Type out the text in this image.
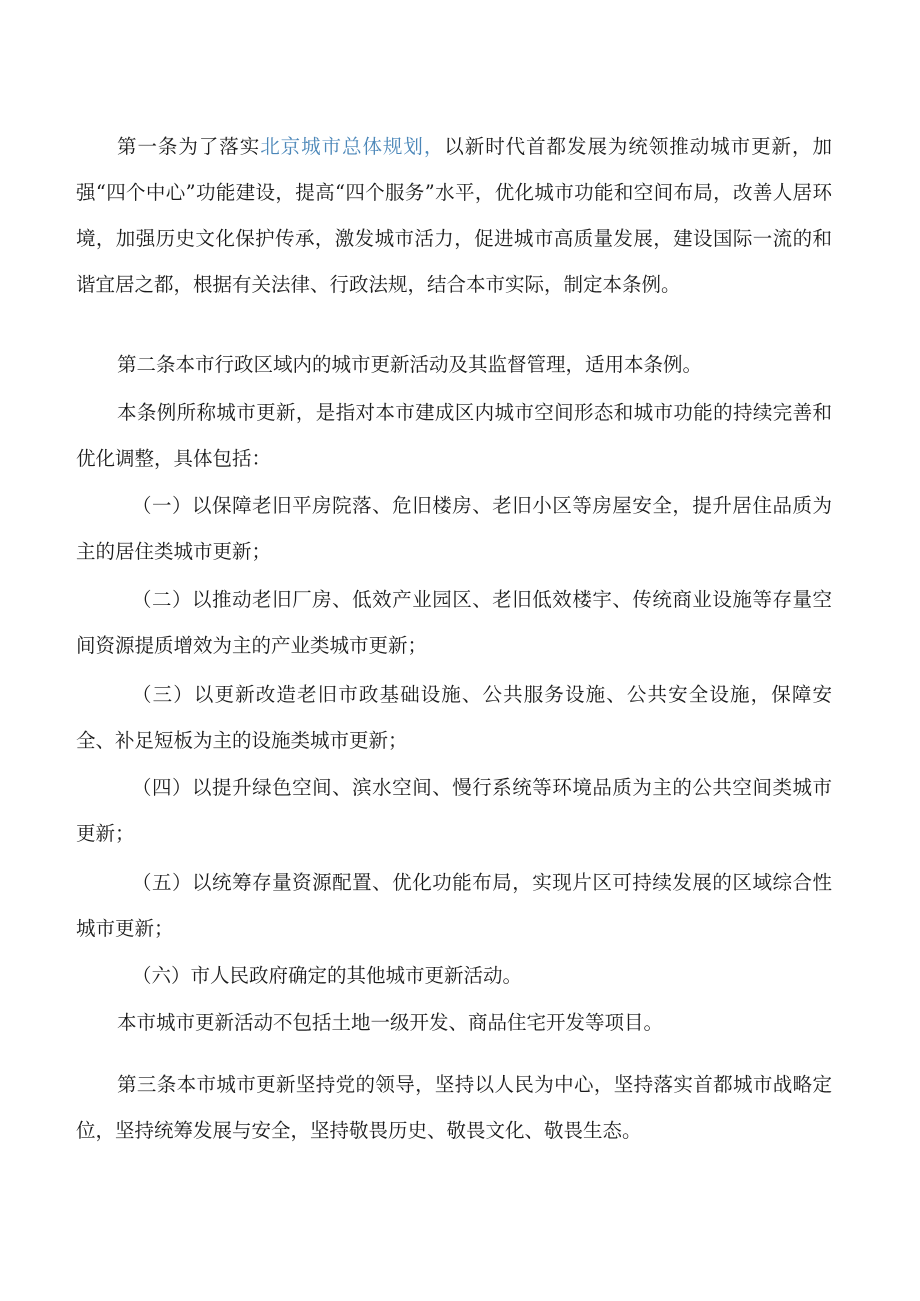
第一条为了落实北京城市总体规划，以新时代首都发展为统领推动城市更新，加强“四个中心”功能建设，提高“四个服务”水平，优化城市功能和空间布局，改善人居环境，加强历史文化保护传承，激发城市活力，促进城市高质量发展，建设国际一流的和谐宜居之都，根据有关法律、行政法规，结合本市实际，制定本条例。

第二条本市行政区域内的城市更新活动及其监督管理，适用本条例。

本条例所称城市更新，是指对本市建成区内城市空间形态和城市功能的持续完善和优化调整，具体包括：

（一）以保障老旧平房院落、危旧楼房、老旧小区等房屋安全，提升居住品质为主的居住类城市更新；

（二）以推动老旧厂房、低效产业园区、老旧低效楼宇、传统商业设施等存量空间资源提质增效为主的产业类城市更新；

（三）以更新改造老旧市政基础设施、公共服务设施、公共安全设施，保障安全、补足短板为主的设施类城市更新；

（四）以提升绿色空间、滨水空间、慢行系统等环境品质为主的公共空间类城市更新；

（五）以统筹存量资源配置、优化功能布局，实现片区可持续发展的区域综合性城市更新；

（六）市人民政府确定的其他城市更新活动。

本市城市更新活动不包括土地一级开发、商品住宅开发等项目。

第三条本市城市更新坚持党的领导，坚持以人民为中心，坚持落实首都城市战略定位，坚持统筹发展与安全，坚持敬畏历史、敬畏文化、敬畏生态。
